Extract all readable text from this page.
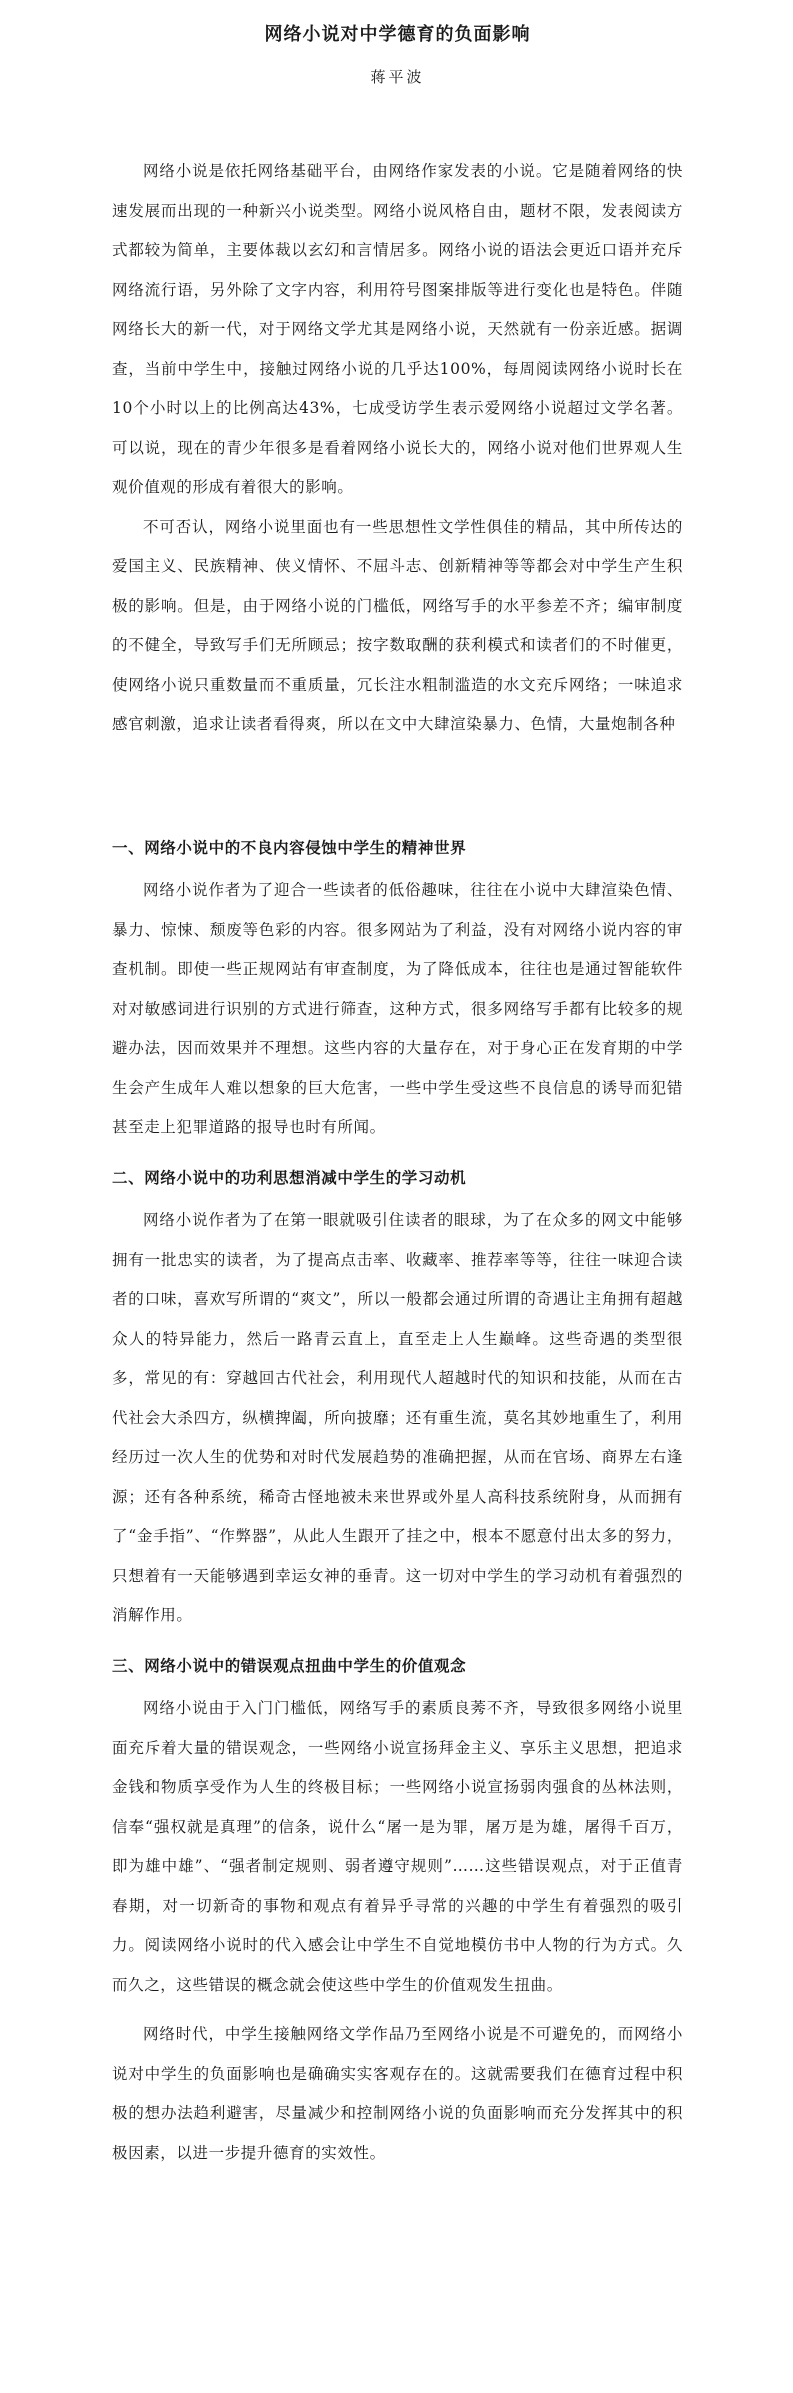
网络小说对中学德育的负面影响
蒋平波

网络小说是依托网络基础平台，由网络作家发表的小说。它是随着网络的快速发展而出现的一种新兴小说类型。网络小说风格自由，题材不限，发表阅读方式都较为简单，主要体裁以玄幻和言情居多。网络小说的语法会更近口语并充斥网络流行语，另外除了文字内容，利用符号图案排版等进行变化也是特色。伴随网络长大的新一代，对于网络文学尤其是网络小说，天然就有一份亲近感。据调查，当前中学生中，接触过网络小说的几乎达100%，每周阅读网络小说时长在10个小时以上的比例高达43%，七成受访学生表示爱网络小说超过文学名著。可以说，现在的青少年很多是看着网络小说长大的，网络小说对他们世界观人生观价值观的形成有着很大的影响。

不可否认，网络小说里面也有一些思想性文学性俱佳的精品，其中所传达的爱国主义、民族精神、侠义情怀、不屈斗志、创新精神等等都会对中学生产生积极的影响。但是，由于网络小说的门槛低，网络写手的水平参差不齐；编审制度的不健全，导致写手们无所顾忌；按字数取酬的获利模式和读者们的不时催更，使网络小说只重数量而不重质量，冗长注水粗制滥造的水文充斥网络；一味追求感官刺激，追求让读者看得爽，所以在文中大肆渲染暴力、色情，大量炮制各种

一、网络小说中的不良内容侵蚀中学生的精神世界

网络小说作者为了迎合一些读者的低俗趣味，往往在小说中大肆渲染色情、暴力、惊悚、颓废等色彩的内容。很多网站为了利益，没有对网络小说内容的审查机制。即使一些正规网站有审查制度，为了降低成本，往往也是通过智能软件对对敏感词进行识别的方式进行筛查，这种方式，很多网络写手都有比较多的规避办法，因而效果并不理想。这些内容的大量存在，对于身心正在发育期的中学生会产生成年人难以想象的巨大危害，一些中学生受这些不良信息的诱导而犯错甚至走上犯罪道路的报导也时有所闻。

二、网络小说中的功利思想消减中学生的学习动机

网络小说作者为了在第一眼就吸引住读者的眼球，为了在众多的网文中能够拥有一批忠实的读者，为了提高点击率、收藏率、推荐率等等，往往一味迎合读者的口味，喜欢写所谓的“爽文”，所以一般都会通过所谓的奇遇让主角拥有超越众人的特异能力，然后一路青云直上，直至走上人生巅峰。这些奇遇的类型很多，常见的有：穿越回古代社会，利用现代人超越时代的知识和技能，从而在古代社会大杀四方，纵横捭阖，所向披靡；还有重生流，莫名其妙地重生了，利用经历过一次人生的优势和对时代发展趋势的准确把握，从而在官场、商界左右逢源；还有各种系统，稀奇古怪地被未来世界或外星人高科技系统附身，从而拥有了“金手指”、“作弊器”，从此人生跟开了挂之中，根本不愿意付出太多的努力，只想着有一天能够遇到幸运女神的垂青。这一切对中学生的学习动机有着强烈的消解作用。

三、网络小说中的错误观点扭曲中学生的价值观念

网络小说由于入门门槛低，网络写手的素质良莠不齐，导致很多网络小说里面充斥着大量的错误观念，一些网络小说宣扬拜金主义、享乐主义思想，把追求金钱和物质享受作为人生的终极目标；一些网络小说宣扬弱肉强食的丛林法则，信奉“强权就是真理”的信条，说什么“屠一是为罪，屠万是为雄，屠得千百万，即为雄中雄”、“强者制定规则、弱者遵守规则”……这些错误观点，对于正值青春期，对一切新奇的事物和观点有着异乎寻常的兴趣的中学生有着强烈的吸引力。阅读网络小说时的代入感会让中学生不自觉地模仿书中人物的行为方式。久而久之，这些错误的概念就会使这些中学生的价值观发生扭曲。

网络时代，中学生接触网络文学作品乃至网络小说是不可避免的，而网络小说对中学生的负面影响也是确确实实客观存在的。这就需要我们在德育过程中积极的想办法趋利避害，尽量减少和控制网络小说的负面影响而充分发挥其中的积极因素，以进一步提升德育的实效性。
